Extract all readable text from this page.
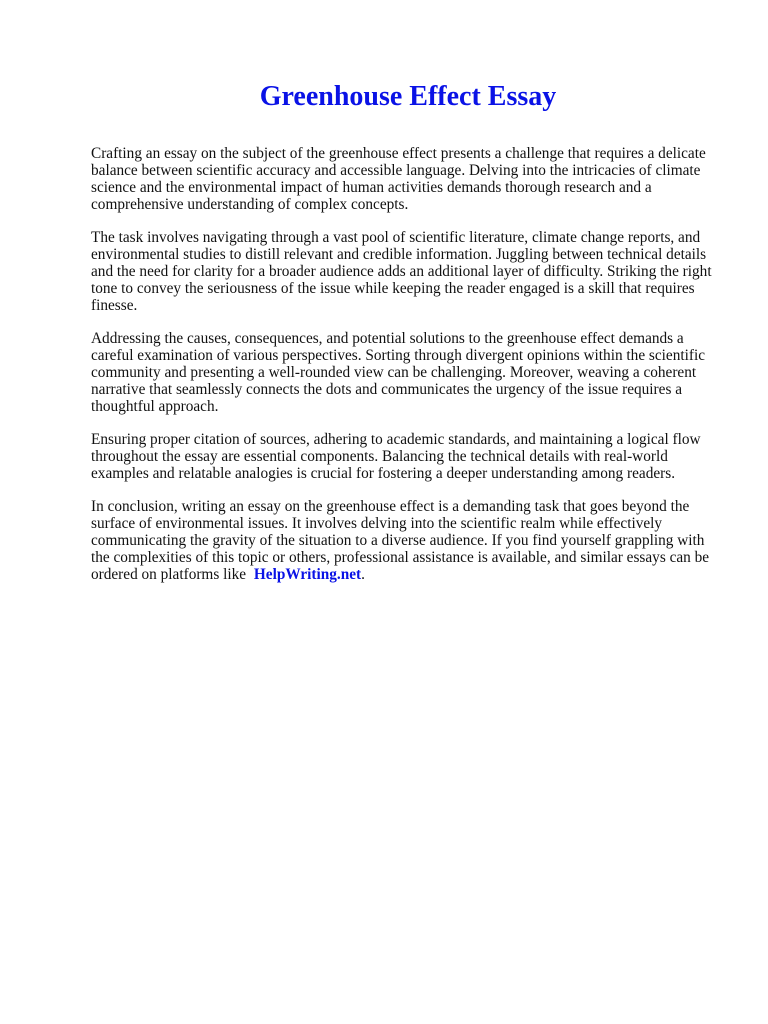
Greenhouse Effect Essay

Crafting an essay on the subject of the greenhouse effect presents a challenge that requires a delicate balance between scientific accuracy and accessible language. Delving into the intricacies of climate science and the environmental impact of human activities demands thorough research and a comprehensive understanding of complex concepts.

The task involves navigating through a vast pool of scientific literature, climate change reports, and environmental studies to distill relevant and credible information. Juggling between technical details and the need for clarity for a broader audience adds an additional layer of difficulty. Striking the right tone to convey the seriousness of the issue while keeping the reader engaged is a skill that requires finesse.

Addressing the causes, consequences, and potential solutions to the greenhouse effect demands a careful examination of various perspectives. Sorting through divergent opinions within the scientific community and presenting a well-rounded view can be challenging. Moreover, weaving a coherent narrative that seamlessly connects the dots and communicates the urgency of the issue requires a thoughtful approach.

Ensuring proper citation of sources, adhering to academic standards, and maintaining a logical flow throughout the essay are essential components. Balancing the technical details with real-world examples and relatable analogies is crucial for fostering a deeper understanding among readers.

In conclusion, writing an essay on the greenhouse effect is a demanding task that goes beyond the surface of environmental issues. It involves delving into the scientific realm while effectively communicating the gravity of the situation to a diverse audience. If you find yourself grappling with the complexities of this topic or others, professional assistance is available, and similar essays can be ordered on platforms like HelpWriting.net.
